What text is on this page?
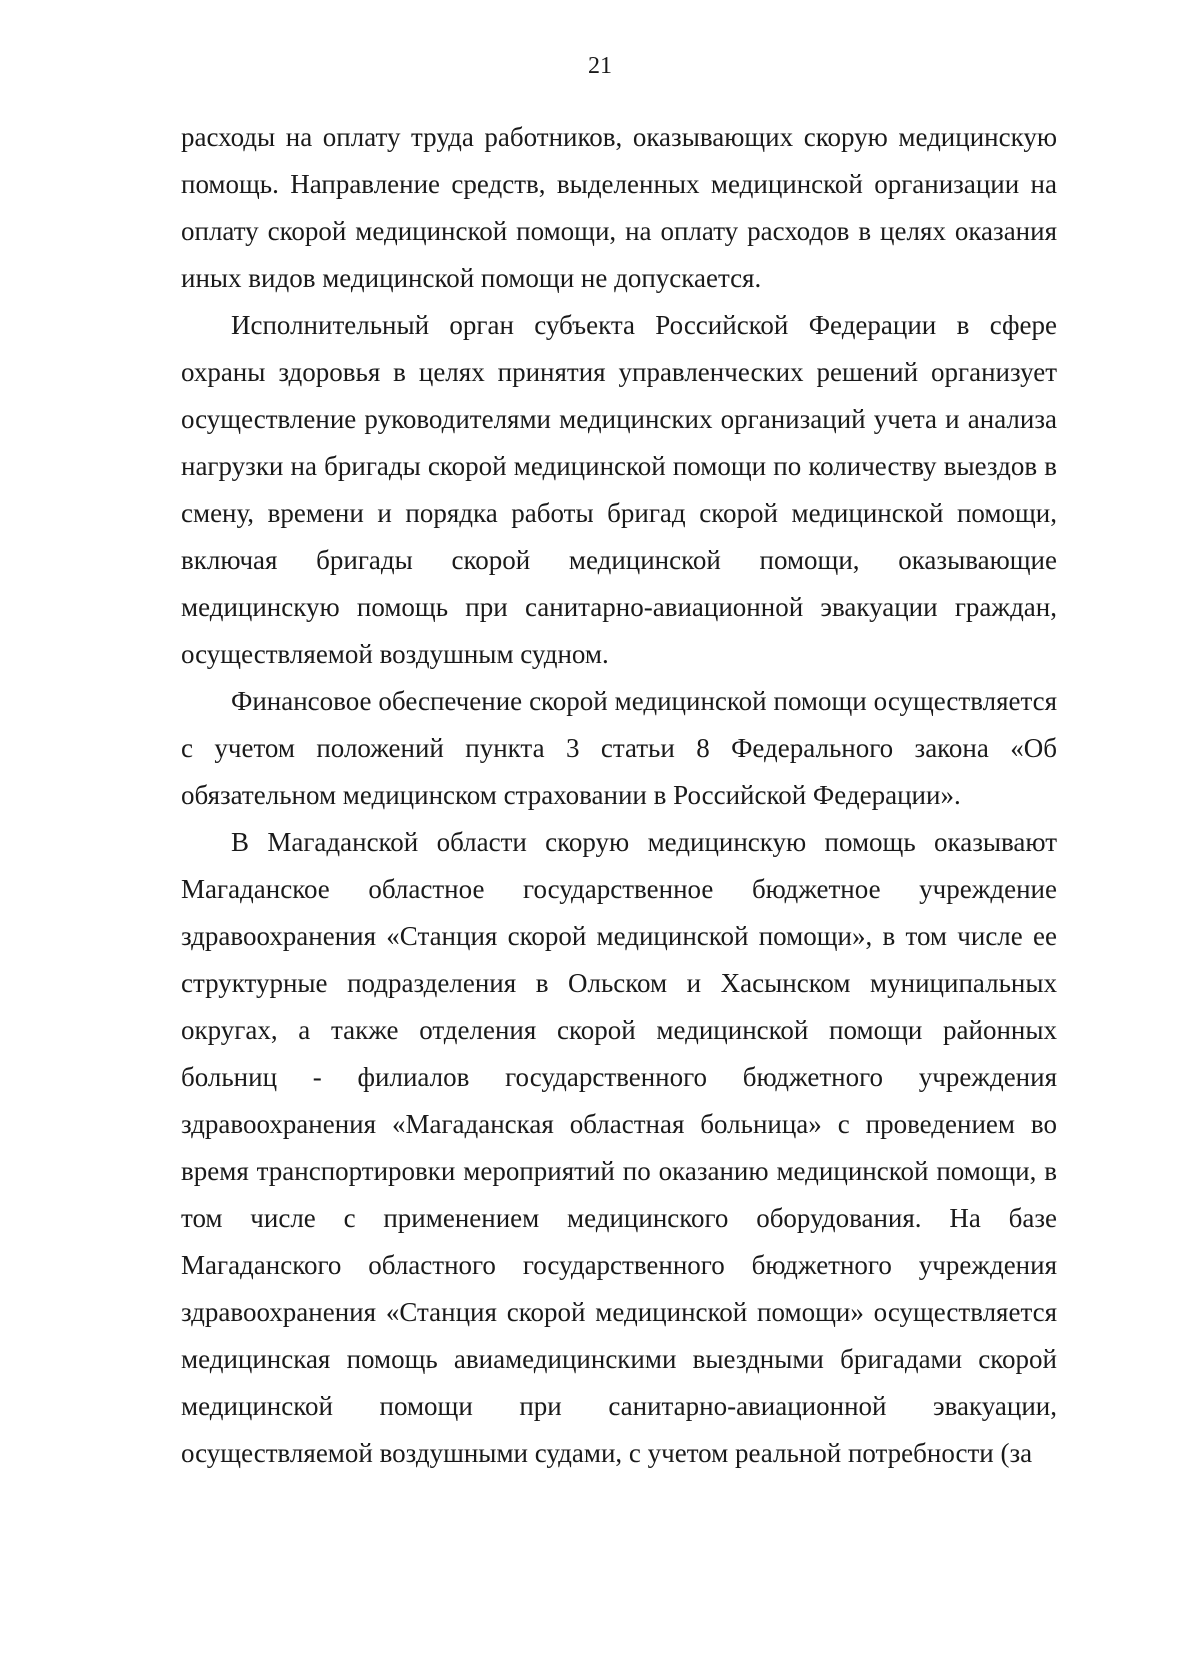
21

расходы на оплату труда работников, оказывающих скорую медицинскую помощь. Направление средств, выделенных медицинской организации на оплату скорой медицинской помощи, на оплату расходов в целях оказания иных видов медицинской помощи не допускается.

Исполнительный орган субъекта Российской Федерации в сфере охраны здоровья в целях принятия управленческих решений организует осуществление руководителями медицинских организаций учета и анализа нагрузки на бригады скорой медицинской помощи по количеству выездов в смену, времени и порядка работы бригад скорой медицинской помощи, включая бригады скорой медицинской помощи, оказывающие медицинскую помощь при санитарно-авиационной эвакуации граждан, осуществляемой воздушным судном.

Финансовое обеспечение скорой медицинской помощи осуществляется с учетом положений пункта 3 статьи 8 Федерального закона «Об обязательном медицинском страховании в Российской Федерации».

В Магаданской области скорую медицинскую помощь оказывают Магаданское областное государственное бюджетное учреждение здравоохранения «Станция скорой медицинской помощи», в том числе ее структурные подразделения в Ольском и Хасынском муниципальных округах, а также отделения скорой медицинской помощи районных больниц - филиалов государственного бюджетного учреждения здравоохранения «Магаданская областная больница» с проведением во время транспортировки мероприятий по оказанию медицинской помощи, в том числе с применением медицинского оборудования. На базе Магаданского областного государственного бюджетного учреждения здравоохранения «Станция скорой медицинской помощи» осуществляется медицинская помощь авиамедицинскими выездными бригадами скорой медицинской помощи при санитарно-авиационной эвакуации, осуществляемой воздушными судами, с учетом реальной потребности (за
